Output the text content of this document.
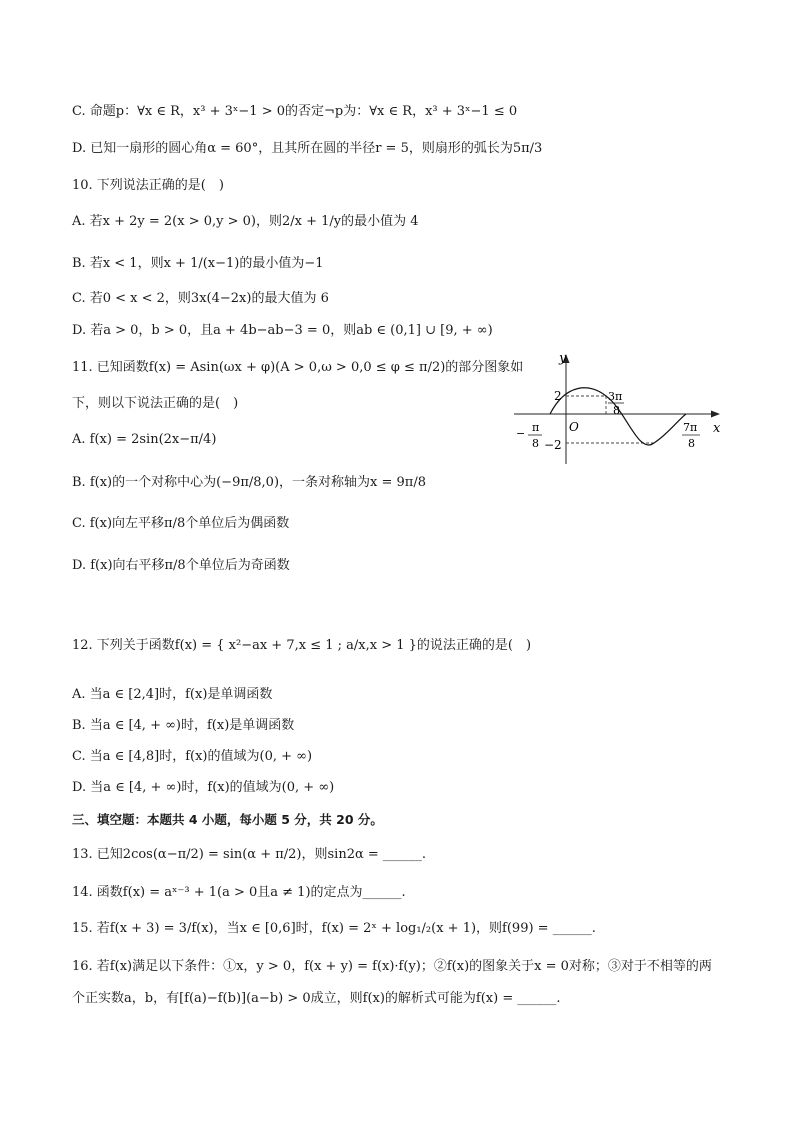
C. 命题p：∀x ∈ R，x³ + 3ˣ−1 > 0的否定¬p为：∀x ∈ R，x³ + 3ˣ−1 ≤ 0
D. 已知一扇形的圆心角α = 60°，且其所在圆的半径r = 5，则扇形的弧长为5π/3
10. 下列说法正确的是(　)
A. 若x + 2y = 2(x > 0,y > 0)，则2/x + 1/y的最小值为 4
B. 若x < 1，则x + 1/(x−1)的最小值为−1
C. 若0 < x < 2，则3x(4−2x)的最大值为 6
D. 若a > 0，b > 0，且a + 4b−ab−3 = 0，则ab ∈ (0,1] ∪ [9, + ∞)
11. 已知函数f(x) = Asin(ωx + φ)(A > 0,ω > 0,0 ≤ φ ≤ π/2)的部分图象如
下，则以下说法正确的是(　)
A. f(x) = 2sin(2x−π/4)
B. f(x)的一个对称中心为(−9π/8,0)，一条对称轴为x = 9π/8
C. f(x)向左平移π/8个单位后为偶函数
D. f(x)向右平移π/8个单位后为奇函数
12. 下列关于函数f(x) = { x²−ax + 7,x ≤ 1 ; a/x,x > 1 }的说法正确的是(　)
A. 当a ∈ [2,4]时，f(x)是单调函数
B. 当a ∈ [4, + ∞)时，f(x)是单调函数
C. 当a ∈ [4,8]时，f(x)的值域为(0, + ∞)
D. 当a ∈ [4, + ∞)时，f(x)的值域为(0, + ∞)
三、填空题：本题共 4 小题，每小题 5 分，共 20 分。
13. 已知2cos(α−π/2) = sin(α + π/2)，则sin2α = ______.
14. 函数f(x) = aˣ⁻³ + 1(a > 0且a ≠ 1)的定点为______.
15. 若f(x + 3) = 3/f(x)，当x ∈ [0,6]时，f(x) = 2ˣ + log₁/₂(x + 1)，则f(99) = ______.
16. 若f(x)满足以下条件：①x，y > 0，f(x + y) = f(x)·f(y)；②f(x)的图象关于x = 0对称；③对于不相等的两
个正实数a，b，有[f(a)−f(b)](a−b) > 0成立，则f(x)的解析式可能为f(x) = ______.
y
x
O
2
−2
3π
8
− π
8
7π
8
